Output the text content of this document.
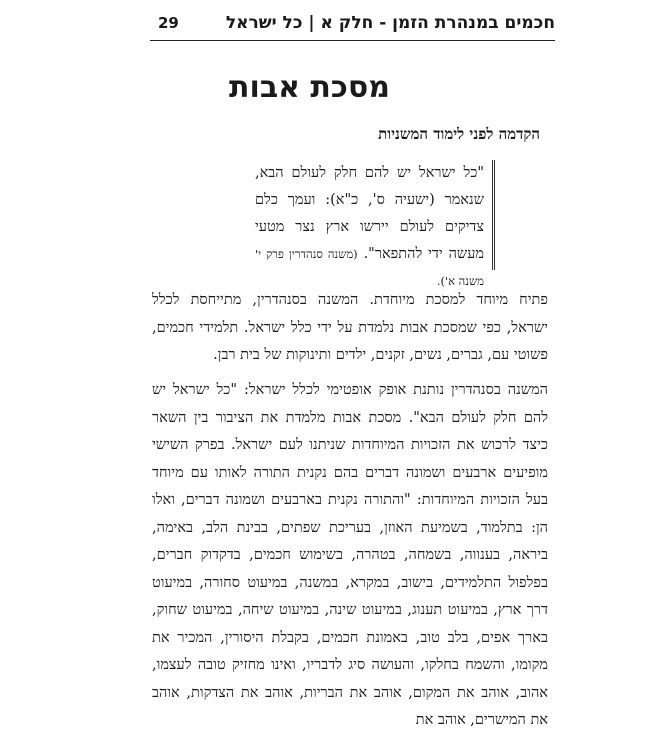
חכמים במנהרת הזמן - חלק א | כל ישראל
29
מסכת אבות
הקדמה לפני לימוד המשניות
"כל ישראל יש להם חלק לעולם הבא, שנאמר (ישעיה ס', כ"א): ועמך כלם צדיקים לעולם יירשו ארץ נצר מטעי מעשה ידי להתפאר". (משנה סנהדרין פרק י' משנה א').
פתיח מיוחד למסכת מיוחדת. המשנה בסנהדרין, מתייחסת לכלל ישראל, כפי שמסכת אבות נלמדת על ידי כלל ישראל. תלמידי חכמים, פשוטי עם, גברים, נשים, זקנים, ילדים ותינוקות של בית רבן.
המשנה בסנהדרין נותנת אופק אופטימי לכלל ישראל: "כל ישראל יש להם חלק לעולם הבא". מסכת אבות מלמדת את הציבור בין השאר כיצד לרכוש את הזכויות המיוחדות שניתנו לעם ישראל. בפרק השישי מופיעים ארבעים ושמונה דברים בהם נקנית התורה לאותו עם מיוחד בעל הזכויות המיוחדות: "והתורה נקנית בארבעים ושמונה דברים, ואלו הן: בתלמוד, בשמיעת האוזן, בעריכת שפתים, בבינת הלב, באימה, ביראה, בענווה, בשמחה, בטהרה, בשימוש חכמים, בדקדוק חברים, בפלפול התלמידים, בישוב, במקרא, במשנה, במיעוט סחורה, במיעוט דרך ארץ, במיעוט תענוג, במיעוט שינה, במיעוט שיחה, במיעוט שחוק, בארך אפים, בלב טוב, באמונת חכמים, בקבלת היסורין, המכיר את מקומו, והשמח בחלקו, והעושה סיג לדבריו, ואינו מחזיק טובה לעצמו, אהוב, אוהב את המקום, אוהב את הבריות, אוהב את הצדקות, אוהב את המישרים, אוהב את
